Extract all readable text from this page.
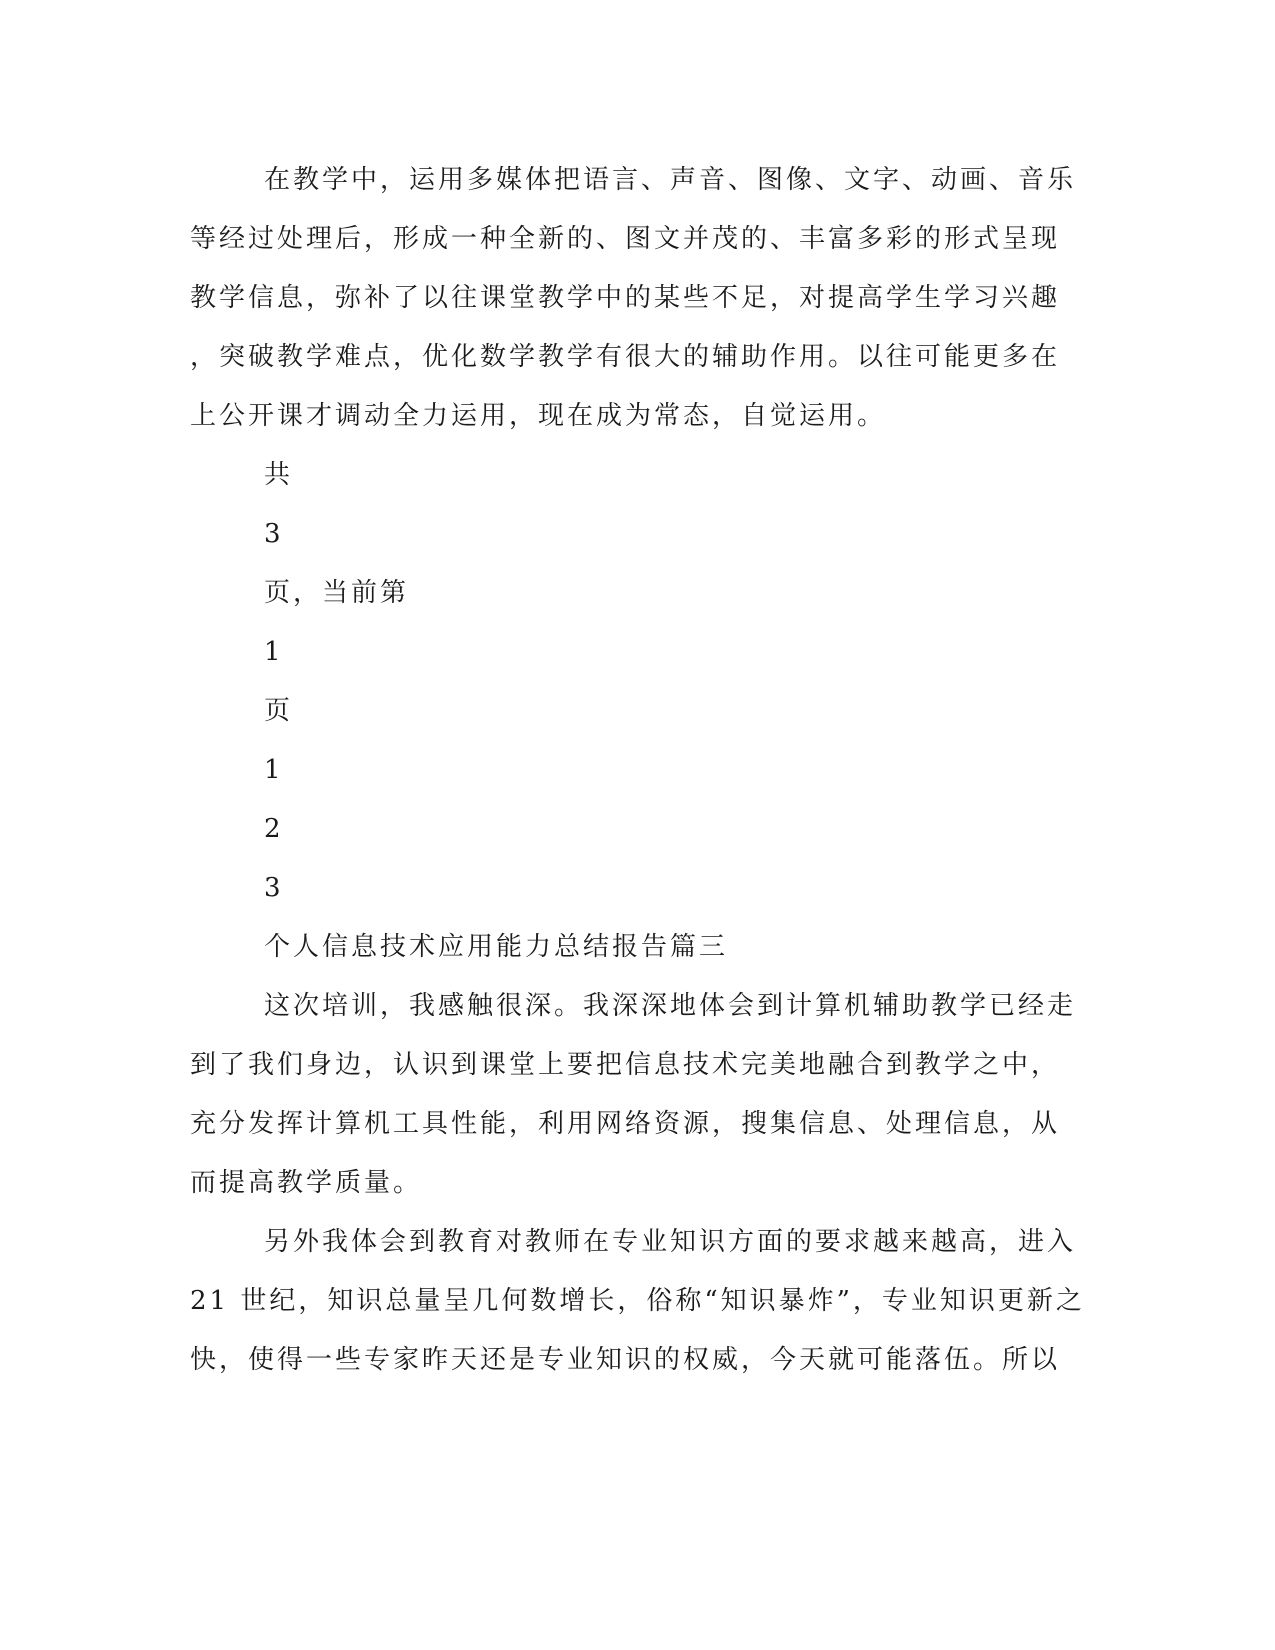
在教学中，运用多媒体把语言、声音、图像、文字、动画、音乐
等经过处理后，形成一种全新的、图文并茂的、丰富多彩的形式呈现
教学信息，弥补了以往课堂教学中的某些不足，对提高学生学习兴趣
，突破教学难点，优化数学教学有很大的辅助作用。以往可能更多在
上公开课才调动全力运用，现在成为常态，自觉运用。
共
3
页，当前第
1
页
1
2
3
个人信息技术应用能力总结报告篇三
这次培训，我感触很深。我深深地体会到计算机辅助教学已经走
到了我们身边，认识到课堂上要把信息技术完美地融合到教学之中，
充分发挥计算机工具性能，利用网络资源，搜集信息、处理信息，从
而提高教学质量。
另外我体会到教育对教师在专业知识方面的要求越来越高，进入
21 世纪，知识总量呈几何数增长，俗称“知识暴炸”，专业知识更新之
快，使得一些专家昨天还是专业知识的权威，今天就可能落伍。所以
